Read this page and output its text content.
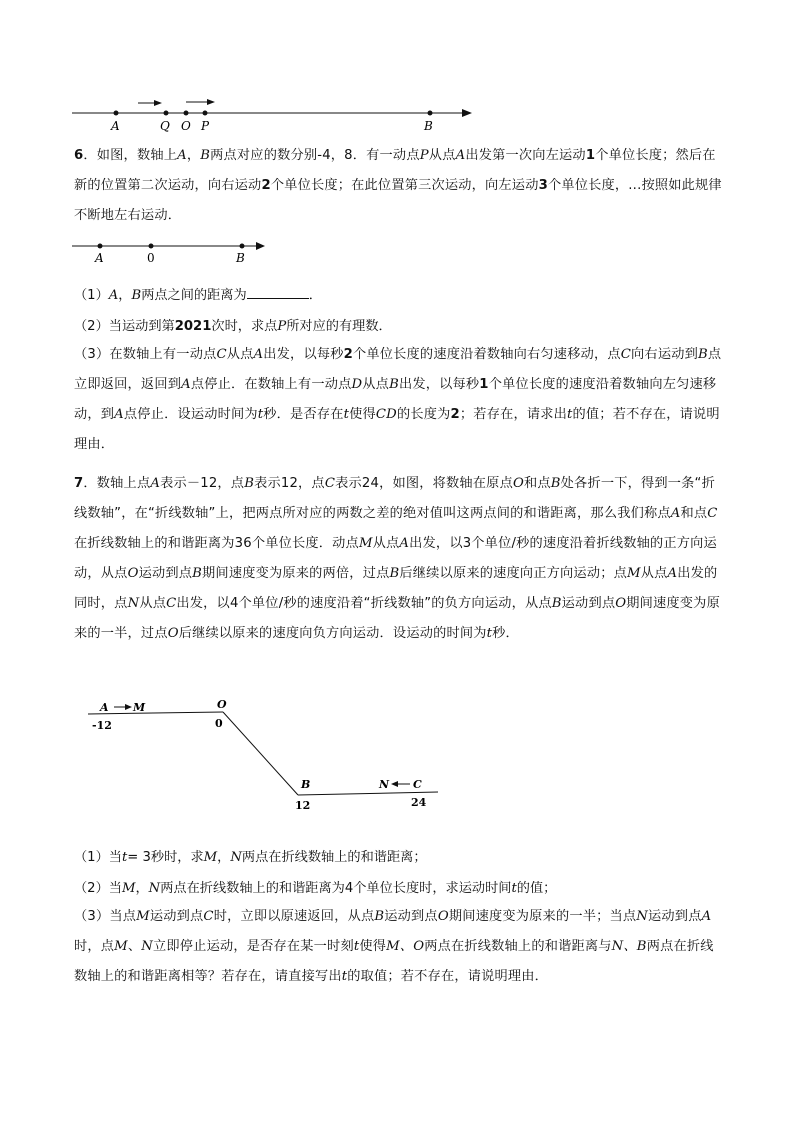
A	Q O P	B
6．如图，数轴上A，B两点对应的数分别-4，8．有一动点P从点A出发第一次向左运动1个单位长度；然后在新的位置第二次运动，向右运动2个单位长度；在此位置第三次运动，向左运动3个单位长度，...按照如此规律不断地左右运动．
A	0	B
（1）A，B两点之间的距离为	．
（2）当运动到第2021次时，求点P所对应的有理数．
（3）在数轴上有一动点C从点A出发，以每秒2个单位长度的速度沿着数轴向右匀速移动，点C向右运动到B点立即返回，返回到A点停止．在数轴上有一动点D从点B出发，以每秒1个单位长度的速度沿着数轴向左匀速移动，到A点停止．设运动时间为t秒．是否存在t使得CD的长度为2；若存在，请求出t的值；若不存在，请说明理由．
7．数轴上点A表示－12，点B表示12，点C表示24，如图，将数轴在原点O和点B处各折一下，得到一条“折线数轴”，在“折线数轴”上，把两点所对应的两数之差的绝对值叫这两点间的和谐距离，那么我们称点A和点C在折线数轴上的和谐距离为36个单位长度．动点M从点A出发，以3个单位/秒的速度沿着折线数轴的正方向运动，从点O运动到点B期间速度变为原来的两倍，过点B后继续以原来的速度向正方向运动；点M从点A出发的同时，点N从点C出发，以4个单位/秒的速度沿着“折线数轴”的负方向运动，从点B运动到点O期间速度变为原来的一半，过点O后继续以原来的速度向负方向运动．设运动的时间为t秒．
A M	O
B	N C
-12	0
12	24
（1）当t= 3秒时，求M，N两点在折线数轴上的和谐距离；
（2）当M，N两点在折线数轴上的和谐距离为4个单位长度时，求运动时间t的值；
（3）当点M运动到点C时，立即以原速返回，从点B运动到点O期间速度变为原来的一半；当点N运动到点A时，点M、N立即停止运动，是否存在某一时刻t使得M、O两点在折线数轴上的和谐距离与N、B两点在折线数轴上的和谐距离相等？若存在，请直接写出t的取值；若不存在，请说明理由．
